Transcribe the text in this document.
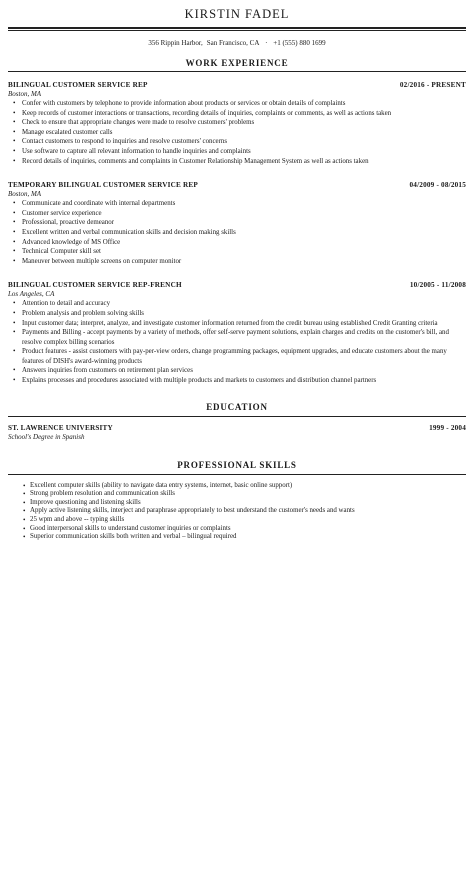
KIRSTIN FADEL
356 Rippin Harbor, San Francisco, CA · +1 (555) 880 1699
WORK EXPERIENCE
BILINGUAL CUSTOMER SERVICE REP	02/2016 - PRESENT
Boston, MA
• Confer with customers by telephone to provide information about products or services or obtain details of complaints
• Keep records of customer interactions or transactions, recording details of inquiries, complaints or comments, as well as actions taken
• Check to ensure that appropriate changes were made to resolve customers' problems
• Manage escalated customer calls
• Contact customers to respond to inquiries and resolve customers' concerns
• Use software to capture all relevant information to handle inquiries and complaints
• Record details of inquiries, comments and complaints in Customer Relationship Management System as well as actions taken
TEMPORARY BILINGUAL CUSTOMER SERVICE REP	04/2009 - 08/2015
Boston, MA
• Communicate and coordinate with internal departments
• Customer service experience
• Professional, proactive demeanor
• Excellent written and verbal communication skills and decision making skills
• Advanced knowledge of MS Office
• Technical Computer skill set
• Maneuver between multiple screens on computer monitor
BILINGUAL CUSTOMER SERVICE REP-FRENCH	10/2005 - 11/2008
Los Angeles, CA
• Attention to detail and accuracy
• Problem analysis and problem solving skills
• Input customer data; interpret, analyze, and investigate customer information returned from the credit bureau using established Credit Granting criteria
• Payments and Billing - accept payments by a variety of methods, offer self-serve payment solutions, explain charges and credits on the customer's bill, and resolve complex billing scenarios
• Product features - assist customers with pay-per-view orders, change programming packages, equipment upgrades, and educate customers about the many features of DISH's award-winning products
• Answers inquiries from customers on retirement plan services
• Explains processes and procedures associated with multiple products and markets to customers and distribution channel partners
EDUCATION
ST. LAWRENCE UNIVERSITY	1999 - 2004
School's Degree in Spanish
PROFESSIONAL SKILLS
• Excellent computer skills (ability to navigate data entry systems, internet, basic online support)
• Strong problem resolution and communication skills
• Improve questioning and listening skills
• Apply active listening skills, interject and paraphrase appropriately to best understand the customer's needs and wants
• 25 wpm and above -- typing skills
• Good interpersonal skills to understand customer inquiries or complaints
• Superior communication skills both written and verbal – bilingual required
